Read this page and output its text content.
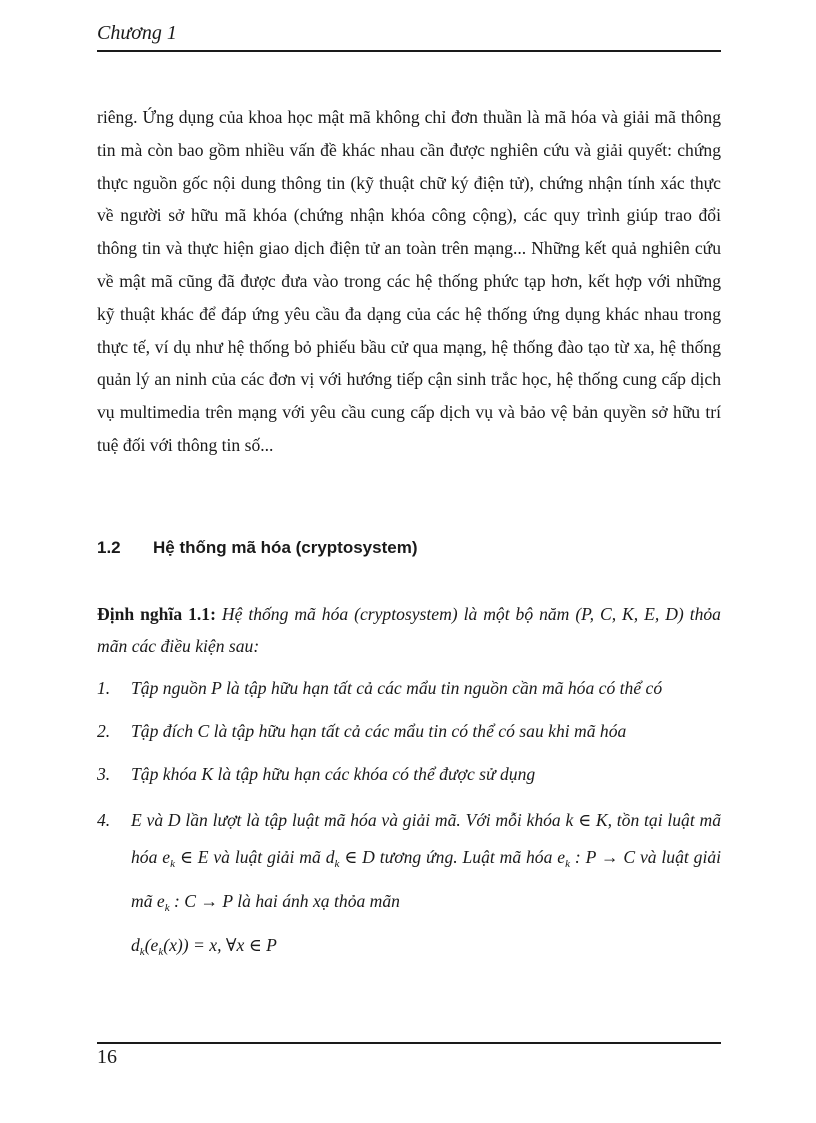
Chương 1

riêng. Ứng dụng của khoa học mật mã không chỉ đơn thuần là mã hóa và giải mã thông tin mà còn bao gồm nhiều vấn đề khác nhau cần được nghiên cứu và giải quyết: chứng thực nguồn gốc nội dung thông tin (kỹ thuật chữ ký điện tử), chứng nhận tính xác thực về người sở hữu mã khóa (chứng nhận khóa công cộng), các quy trình giúp trao đổi thông tin và thực hiện giao dịch điện tử an toàn trên mạng... Những kết quả nghiên cứu về mật mã cũng đã được đưa vào trong các hệ thống phức tạp hơn, kết hợp với những kỹ thuật khác để đáp ứng yêu cầu đa dạng của các hệ thống ứng dụng khác nhau trong thực tế, ví dụ như hệ thống bỏ phiếu bầu cử qua mạng, hệ thống đào tạo từ xa, hệ thống quản lý an ninh của các đơn vị với hướng tiếp cận sinh trắc học, hệ thống cung cấp dịch vụ multimedia trên mạng với yêu cầu cung cấp dịch vụ và bảo vệ bản quyền sở hữu trí tuệ đối với thông tin số...

1.2 Hệ thống mã hóa (cryptosystem)

Định nghĩa 1.1: Hệ thống mã hóa (cryptosystem) là một bộ năm (P, C, K, E, D) thỏa mãn các điều kiện sau:

1. Tập nguồn P là tập hữu hạn tất cả các mẩu tin nguồn cần mã hóa có thể có
2. Tập đích C là tập hữu hạn tất cả các mẩu tin có thể có sau khi mã hóa
3. Tập khóa K là tập hữu hạn các khóa có thể được sử dụng
4. E và D lần lượt là tập luật mã hóa và giải mã. Với mỗi khóa k ∈ K, tồn tại luật mã hóa $e_k$ ∈ E và luật giải mã $d_k$ ∈ D tương ứng. Luật mã hóa $e_k$ : P → C và luật giải mã $e_k$ : C → P là hai ánh xạ thỏa mãn
$d_k(e_k(x)) = x$, ∀x ∈ P
16
